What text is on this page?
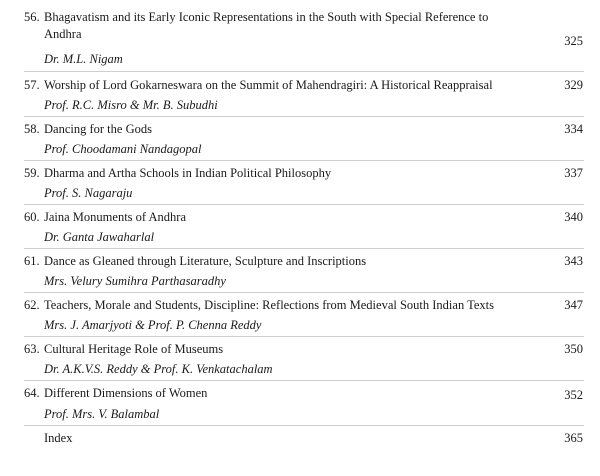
56. Bhagavatism and its Early Iconic Representations in the South with Special Reference to
Andhra	325
Dr. M.L. Nigam
57. Worship of Lord Gokarneswara on the Summit of Mahendragiri: A Historical Reappraisal	329
Prof. R.C. Misro & Mr. B. Subudhi
58. Dancing for the Gods	334
Prof. Choodamani Nandagopal
59. Dharma and Artha Schools in Indian Political Philosophy	337
Prof. S. Nagaraju
60. Jaina Monuments of Andhra	340
Dr. Ganta Jawaharlal
61. Dance as Gleaned through Literature, Sculpture and Inscriptions	343
Mrs. Velury Sumihra Parthasaradhy
62. Teachers, Morale and Students, Discipline: Reflections from Medieval South Indian Texts	347
Mrs. J. Amarjyoti & Prof. P. Chenna Reddy
63. Cultural Heritage Role of Museums	350
Dr. A.K.V.S. Reddy & Prof. K. Venkatachalam
64. Different Dimensions of Women	352
Prof. Mrs. V. Balambal
Index	365
